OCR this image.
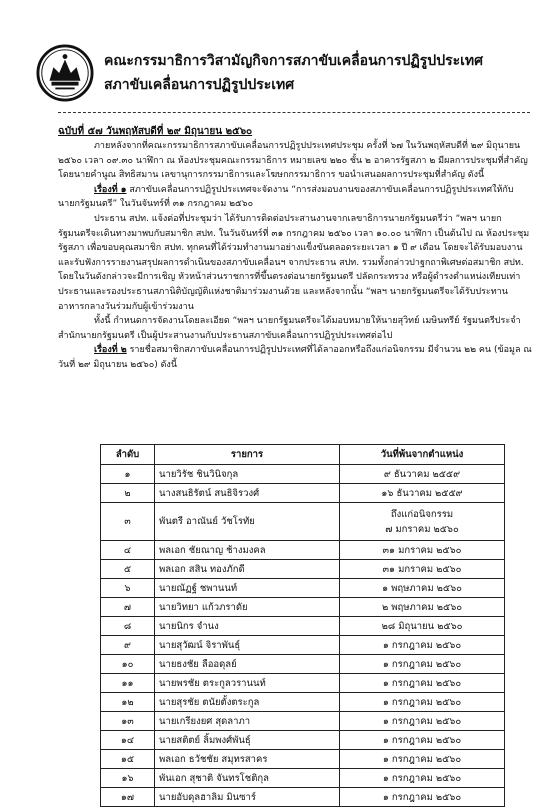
คณะกรรมาธิการวิสามัญกิจการสภาขับเคลื่อนการปฏิรูปประเทศ
สภาขับเคลื่อนการปฏิรูปประเทศ
ฉบับที่ ๕๗ วันพฤหัสบดีที่ ๒๙ มิถุนายน ๒๕๖๐

ภายหลังจากที่คณะกรรมาธิการสภาขับเคลื่อนการปฏิรูปประเทศประชุม ครั้งที่ ๖๗ ในวันพฤหัสบดีที่ ๒๙ มิถุนายน ๒๕๖๐ เวลา ๐๙.๓๐ นาฬิกา ณ ห้องประชุมคณะกรรมาธิการ หมายเลข ๒๒๐ ชั้น ๒ อาคารรัฐสภา ๒ มีผลการประชุมที่สำคัญ โดยนายคำนูณ สิทธิสมาน เลขานุการกรรมาธิการและโฆษกกรรมาธิการ ขอนำเสนอผลการประชุมที่สำคัญ ดังนี้

เรื่องที่ ๑ สภาขับเคลื่อนการปฏิรูปประเทศจะจัดงาน “การส่งมอบงานของสภาขับเคลื่อนการปฏิรูปประเทศให้กับนายกรัฐมนตรี” ในวันจันทร์ที่ ๓๑ กรกฎาคม ๒๕๖๐

ประธาน สปท. แจ้งต่อที่ประชุมว่า ได้รับการติดต่อประสานงานจากเลขาธิการนายกรัฐมนตรีว่า “พลฯ นายกรัฐมนตรีจะเดินทางมาพบกับสมาชิก สปท. ในวันจันทร์ที่ ๓๑ กรกฎาคม ๒๕๖๐ เวลา ๑๐.๐๐ นาฬิกา เป็นต้นไป ณ ห้องประชุมรัฐสภา เพื่อขอบคุณสมาชิก สปท. ทุกคนที่ได้ร่วมทำงานมาอย่างแข็งขันตลอดระยะเวลา ๑ ปี ๙ เดือน โดยจะได้รับมอบงาน และรับฟังการรายงานสรุปผลการดำเนินของสภาขับเคลื่อนฯ จากประธาน สปท. รวมทั้งกล่าวปาฐกถาพิเศษต่อสมาชิก สปท. โดยในวันดังกล่าวจะมีการเชิญ หัวหน้าส่วนราชการที่ขึ้นตรงต่อนายกรัฐมนตรี ปลัดกระทรวง หรือผู้ดำรงตำแหน่งเทียบเท่าประธานและรองประธานสภานิติบัญญัติแห่งชาติมาร่วมงานด้วย และหลังจากนั้น “พลฯ นายกรัฐมนตรีจะได้รับประทานอาหารกลางวันร่วมกับผู้เข้าร่วมงาน

ทั้งนี้ กำหนดการจัดงานโดยละเอียด “พลฯ นายกรัฐมนตรีจะได้มอบหมายให้นายสุวิทย์ เมษินทรีย์ รัฐมนตรีประจำสำนักนายกรัฐมนตรี เป็นผู้ประสานงานกับประธานสภาขับเคลื่อนการปฏิรูปประเทศต่อไป

เรื่องที่ ๒ รายชื่อสมาชิกสภาขับเคลื่อนการปฏิรูปประเทศที่ได้ลาออกหรือถึงแก่อนิจกรรม มีจำนวน ๒๒ คน (ข้อมูล ณ วันที่ ๒๙ มิถุนายน ๒๕๖๐) ดังนี้

ลำดับ	รายการ	วันที่พ้นจากตำแหน่ง
๑	นายวิรัช ชินวินิจกุล	๙ ธันวาคม ๒๕๕๙
๒	นางสนธิรัตน์ สนธิจิรวงศ์	๑๖ ธันวาคม ๒๕๕๙
๓	พันตรี อาณันย์ วัชโรทัย	ถึงแก่อนิจกรรม
๗ มกราคม ๒๕๖๐

๔	พลเอก ชัยณาญ ช้างมงคล	๓๑ มกราคม ๒๕๖๐
๕	พลเอก สสิน ทองภักดี	๓๑ มกราคม ๒๕๖๐
๖	นายณัฏฐ์ ชพานนท์	๑ พฤษภาคม ๒๕๖๐
๗	นายวิทยา แก้วภราดัย	๒ พฤษภาคม ๒๕๖๐
๘	นายนิกร จำนง	๒๘ มิถุนายน ๒๕๖๐
๙	นายสุวัฒน์ จิราพันธุ์	๑ กรกฎาคม ๒๕๖๐
๑๐	นายธงชัย ลืออดุลย์	๑ กรกฎาคม ๒๕๖๐
๑๑	นายพรชัย ตระกูลวรานนท์	๑ กรกฎาคม ๒๕๖๐
๑๒	นายสุรชัย ตนัยตั้งตระกูล	๑ กรกฎาคม ๒๕๖๐
๑๓	นายเกรียงยศ สุดลาภา	๑ กรกฎาคม ๒๕๖๐
๑๔	นายสติตย์ ลิ้มพงศ์พันธุ์	๑ กรกฎาคม ๒๕๖๐
๑๕	พลเอก ธวัชชัย สมุทรสาคร	๑ กรกฎาคม ๒๕๖๐
๑๖	พันเอก สุชาติ จันทรโชติกุล	๑ กรกฎาคม ๒๕๖๐
๑๗	นายอับดุลฮาลิม มินซาร์	๑ กรกฎาคม ๒๕๖๐
